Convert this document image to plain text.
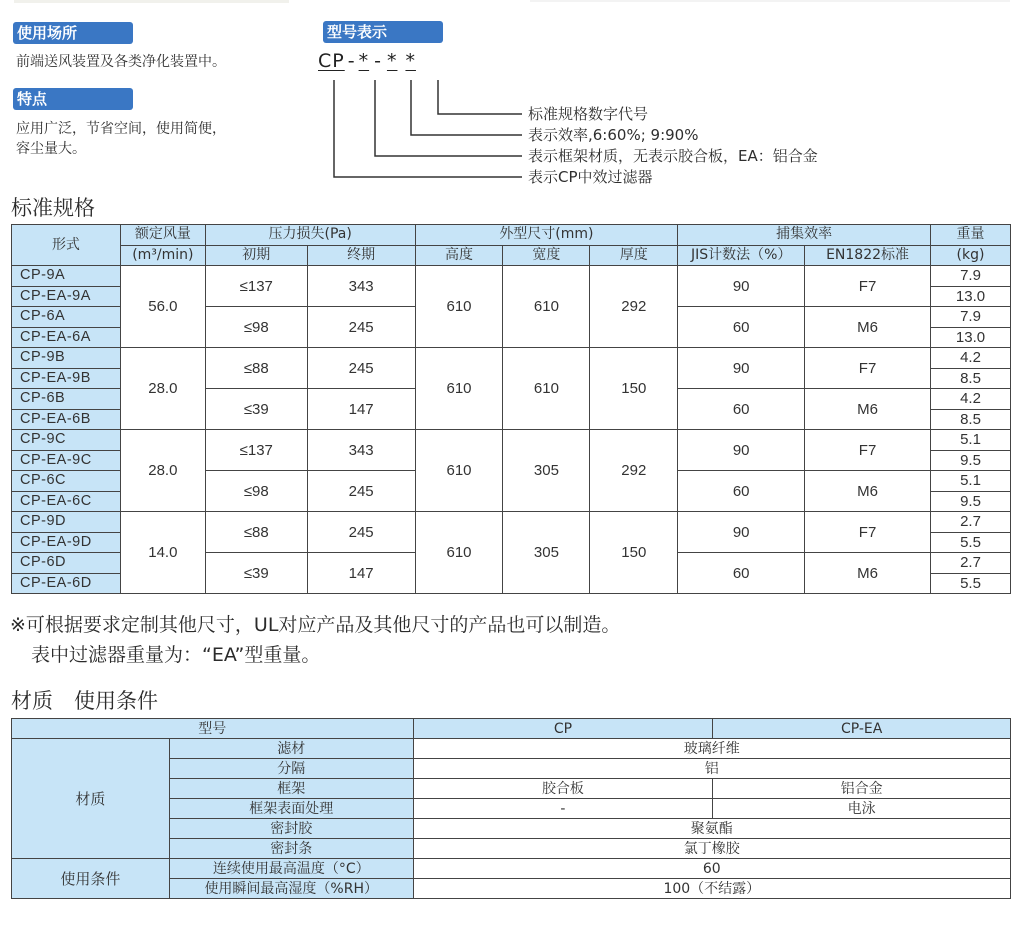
使用场所
前端送风装置及各类净化装置中。
特点
应用广泛，节省空间，使用简便，
容尘量大。
型号表示
CP - * - * *
标准规格数字代号
表示效率,6:60%; 9:90%
表示框架材质，无表示胶合板，EA：铝合金
表示CP中效过滤器
标准规格
形式	额定风量	压力损失(Pa)		外型尺寸(mm)			捕集效率		重量
	(m³/min)	初期	终期	高度	宽度	厚度	JIS计数法（%）	EN1822标准	(kg)
CP-9A	56.0	≤137	343	610	610	292	90	F7	7.9
CP-EA-9A									13.0
CP-6A		≤98	245				60	M6	7.9
CP-EA-6A									13.0
CP-9B	28.0	≤88	245	610	610	150	90	F7	4.2
CP-EA-9B									8.5
CP-6B		≤39	147				60	M6	4.2
CP-EA-6B									8.5
CP-9C	28.0	≤137	343	610	305	292	90	F7	5.1
CP-EA-9C									9.5
CP-6C		≤98	245				60	M6	5.1
CP-EA-6C									9.5
CP-9D	14.0	≤88	245	610	305	150	90	F7	2.7
CP-EA-9D									5.5
CP-6D		≤39	147				60	M6	2.7
CP-EA-6D									5.5
※可根据要求定制其他尺寸，UL对应产品及其他尺寸的产品也可以制造。
表中过滤器重量为：“EA”型重量。
材质　使用条件
型号		CP	CP-EA
材质	滤材	玻璃纤维	
	分隔	铝	
	框架	胶合板	铝合金
	框架表面处理	-	电泳
	密封胶	聚氨酯	
	密封条	氯丁橡胶	
使用条件	连续使用最高温度（°C）	60	
	使用瞬间最高湿度（%RH）	100（不结露）	
